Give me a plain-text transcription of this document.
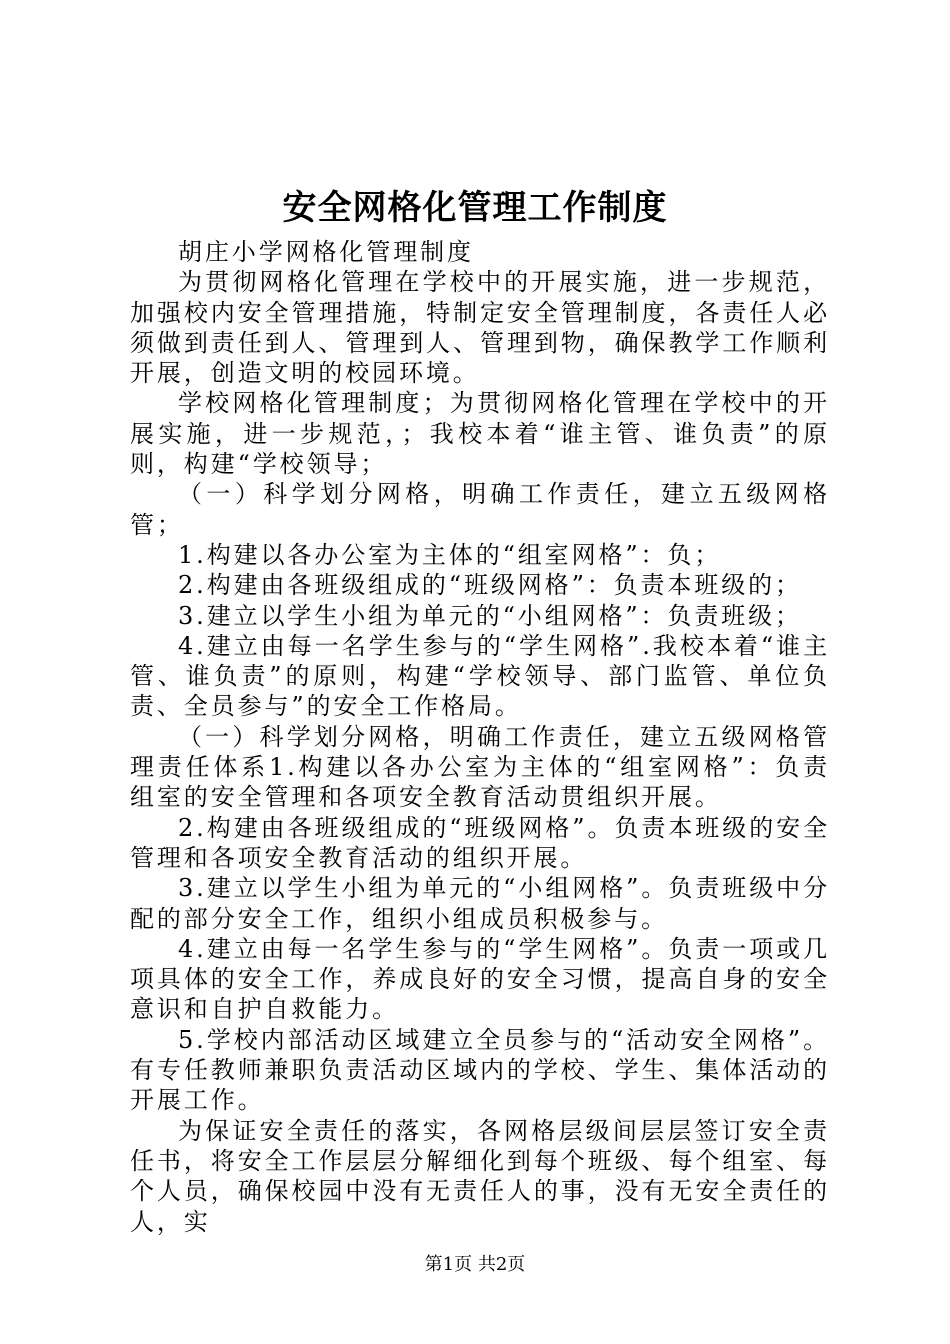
安全网格化管理工作制度

胡庄小学网格化管理制度

为贯彻网格化管理在学校中的开展实施，进一步规范，加强校内安全管理措施，特制定安全管理制度，各责任人必须做到责任到人、管理到人、管理到物，确保教学工作顺利开展，创造文明的校园环境。

学校网格化管理制度；为贯彻网格化管理在学校中的开展实施，进一步规范，；我校本着“谁主管、谁负责”的原则，构建“学校领导；

（一）科学划分网格，明确工作责任，建立五级网格管；

1.构建以各办公室为主体的“组室网格”：负；

2.构建由各班级组成的“班级网格”：负责本班级的；

3.建立以学生小组为单元的“小组网格”：负责班级；

4.建立由每一名学生参与的“学生网格”.我校本着“谁主管、谁负责”的原则，构建“学校领导、部门监管、单位负责、全员参与”的安全工作格局。

（一）科学划分网格，明确工作责任，建立五级网格管理责任体系1.构建以各办公室为主体的“组室网格”：负责组室的安全管理和各项安全教育活动贯组织开展。

2.构建由各班级组成的“班级网格”。负责本班级的安全管理和各项安全教育活动的组织开展。

3.建立以学生小组为单元的“小组网格”。负责班级中分配的部分安全工作，组织小组成员积极参与。

4.建立由每一名学生参与的“学生网格”。负责一项或几项具体的安全工作，养成良好的安全习惯，提高自身的安全意识和自护自救能力。

5.学校内部活动区域建立全员参与的“活动安全网格”。有专任教师兼职负责活动区域内的学校、学生、集体活动的开展工作。

为保证安全责任的落实，各网格层级间层层签订安全责任书，将安全工作层层分解细化到每个班级、每个组室、每个人员，确保校园中没有无责任人的事，没有无安全责任的人，实

第1页 共2页
